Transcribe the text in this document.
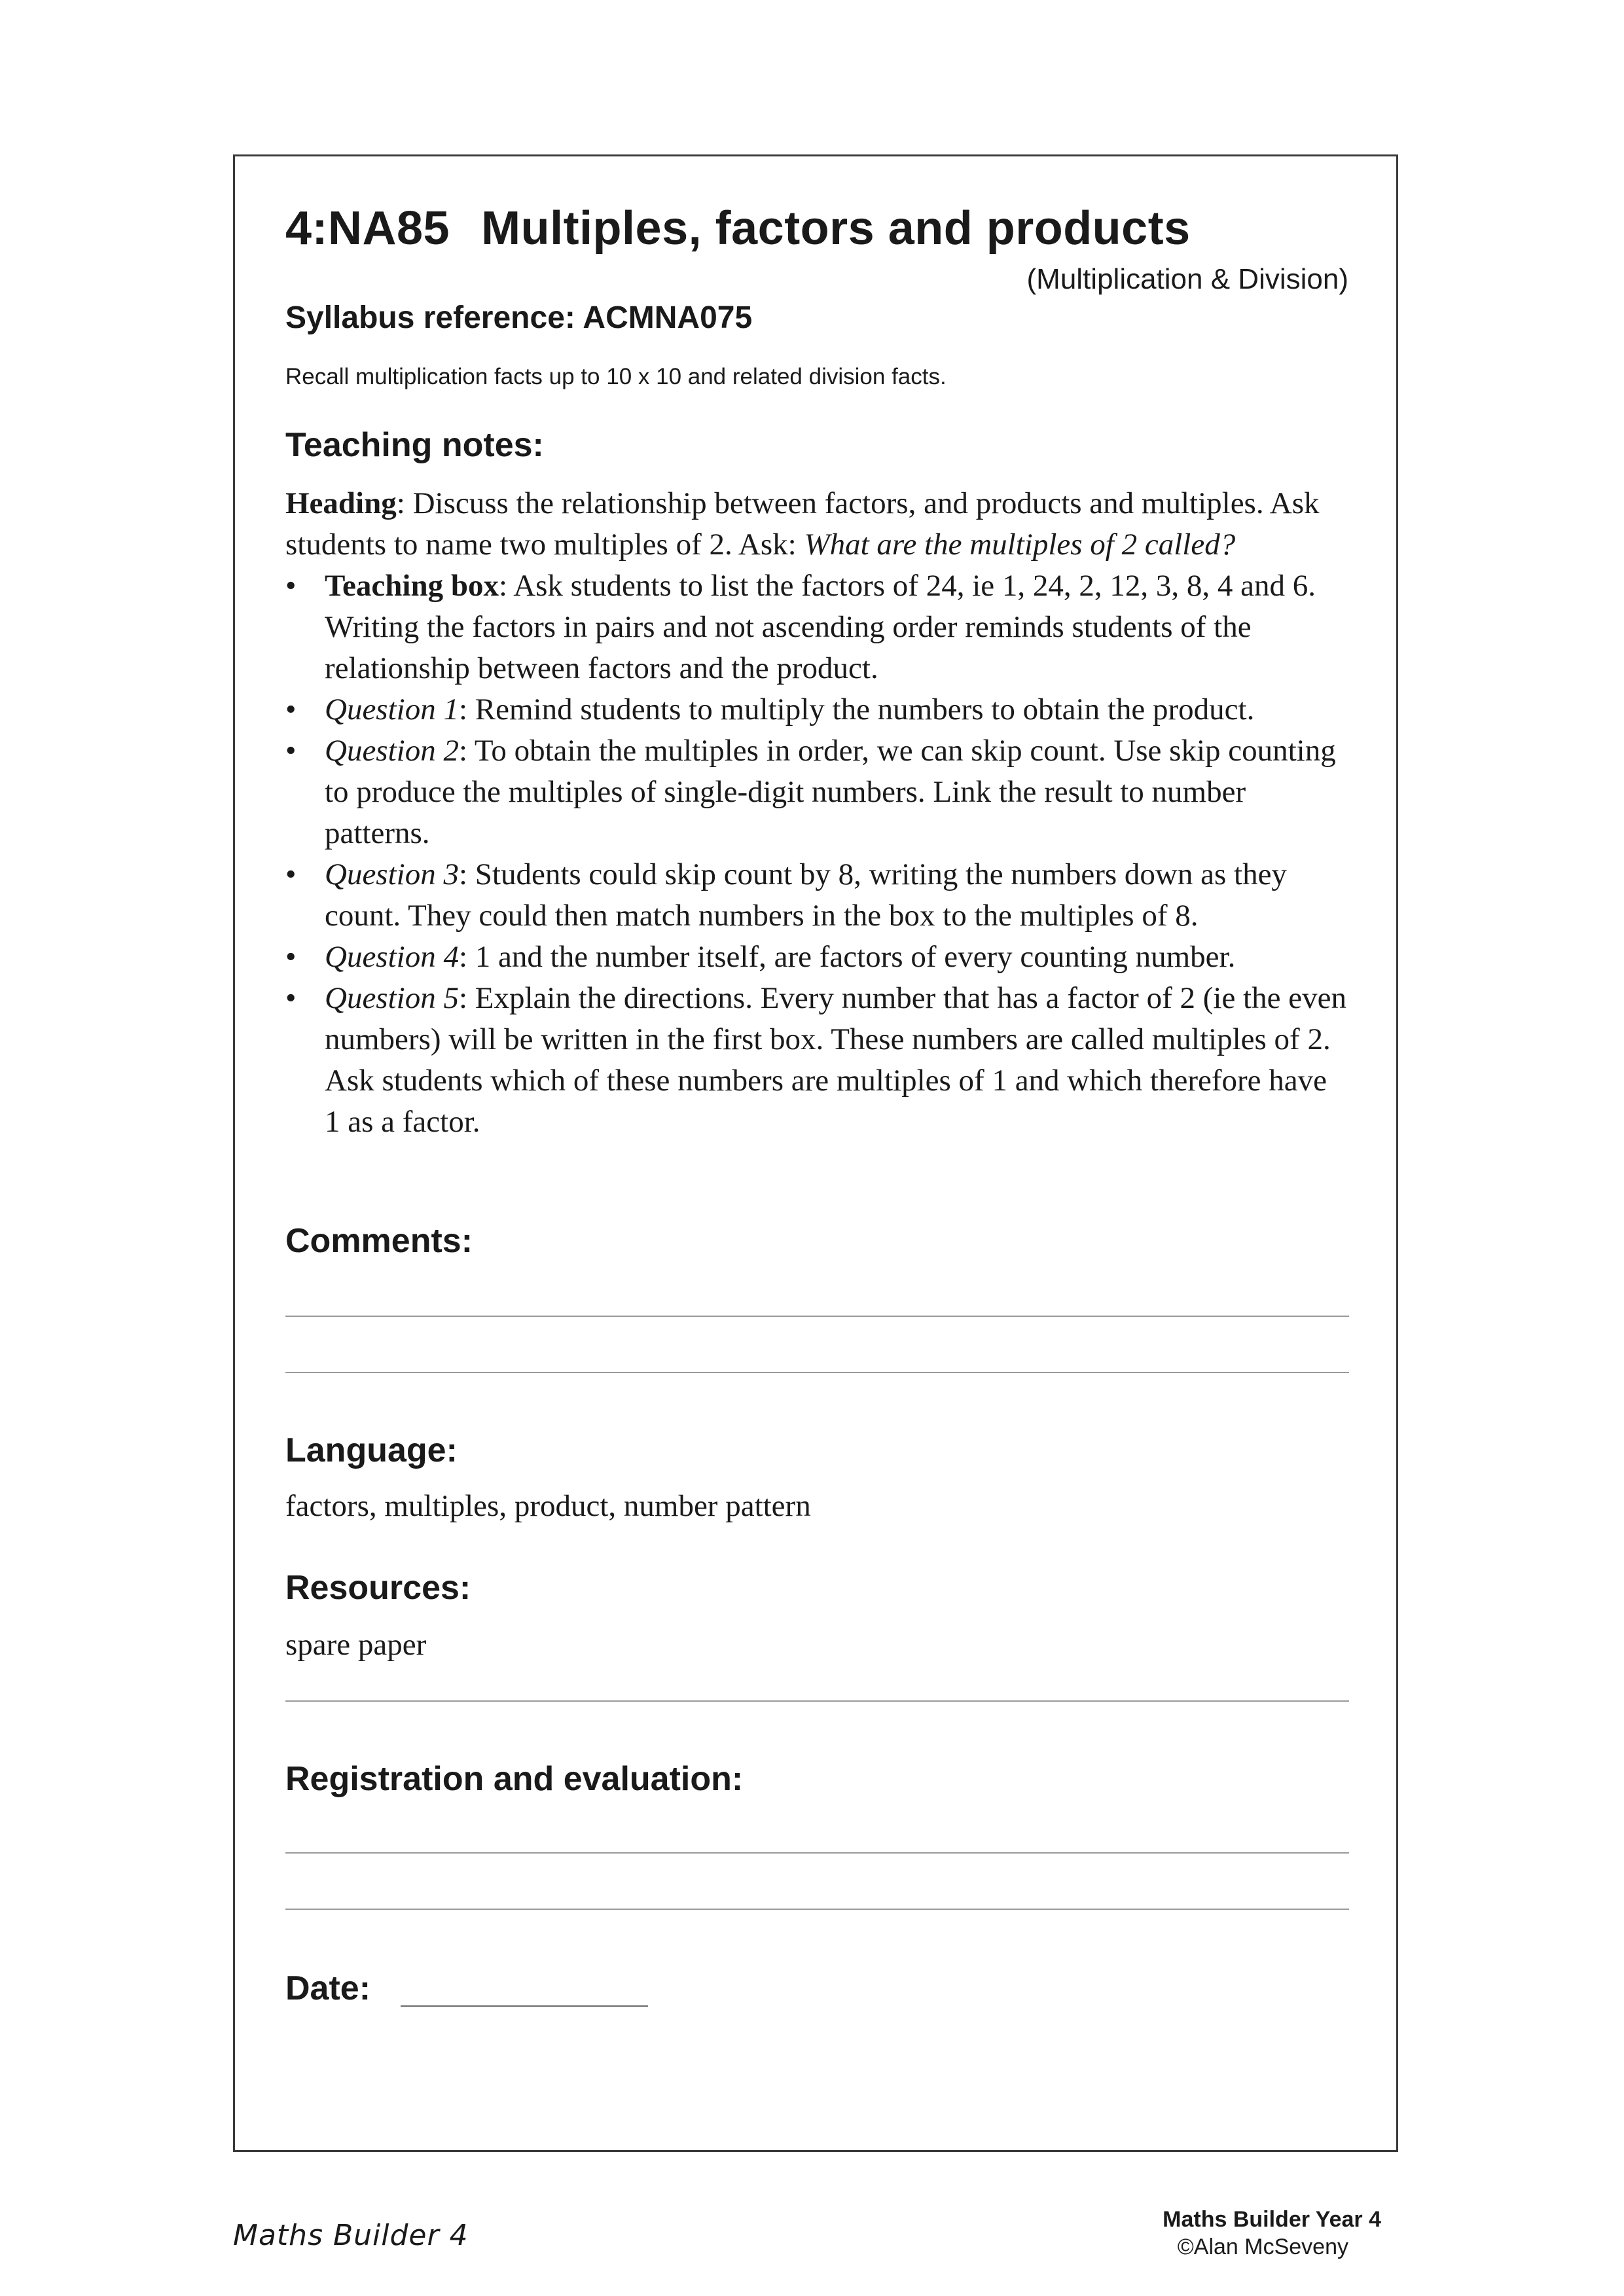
4:NA85 Multiples, factors and products
(Multiplication & Division)
Syllabus reference: ACMNA075
Recall multiplication facts up to 10 x 10 and related division facts.
Teaching notes:

Heading: Discuss the relationship between factors, and products and multiples. Ask students to name two multiples of 2. Ask: What are the multiples of 2 called?

• Teaching box: Ask students to list the factors of 24, ie 1, 24, 2, 12, 3, 8, 4 and 6. Writing the factors in pairs and not ascending order reminds students of the relationship between factors and the product.
• Question 1: Remind students to multiply the numbers to obtain the product.
• Question 2: To obtain the multiples in order, we can skip count. Use skip counting to produce the multiples of single-digit numbers. Link the result to number patterns.
• Question 3: Students could skip count by 8, writing the numbers down as they count. They could then match numbers in the box to the multiples of 8.
• Question 4: 1 and the number itself, are factors of every counting number.
• Question 5: Explain the directions. Every number that has a factor of 2 (ie the even numbers) will be written in the first box. These numbers are called multiples of 2. Ask students which of these numbers are multiples of 1 and which therefore have 1 as a factor.
Comments:
Language:
factors, multiples, product, number pattern
Resources:
spare paper
Registration and evaluation:
Date:
Maths Builder 4	Maths Builder Year 4
©Alan McSeveny
